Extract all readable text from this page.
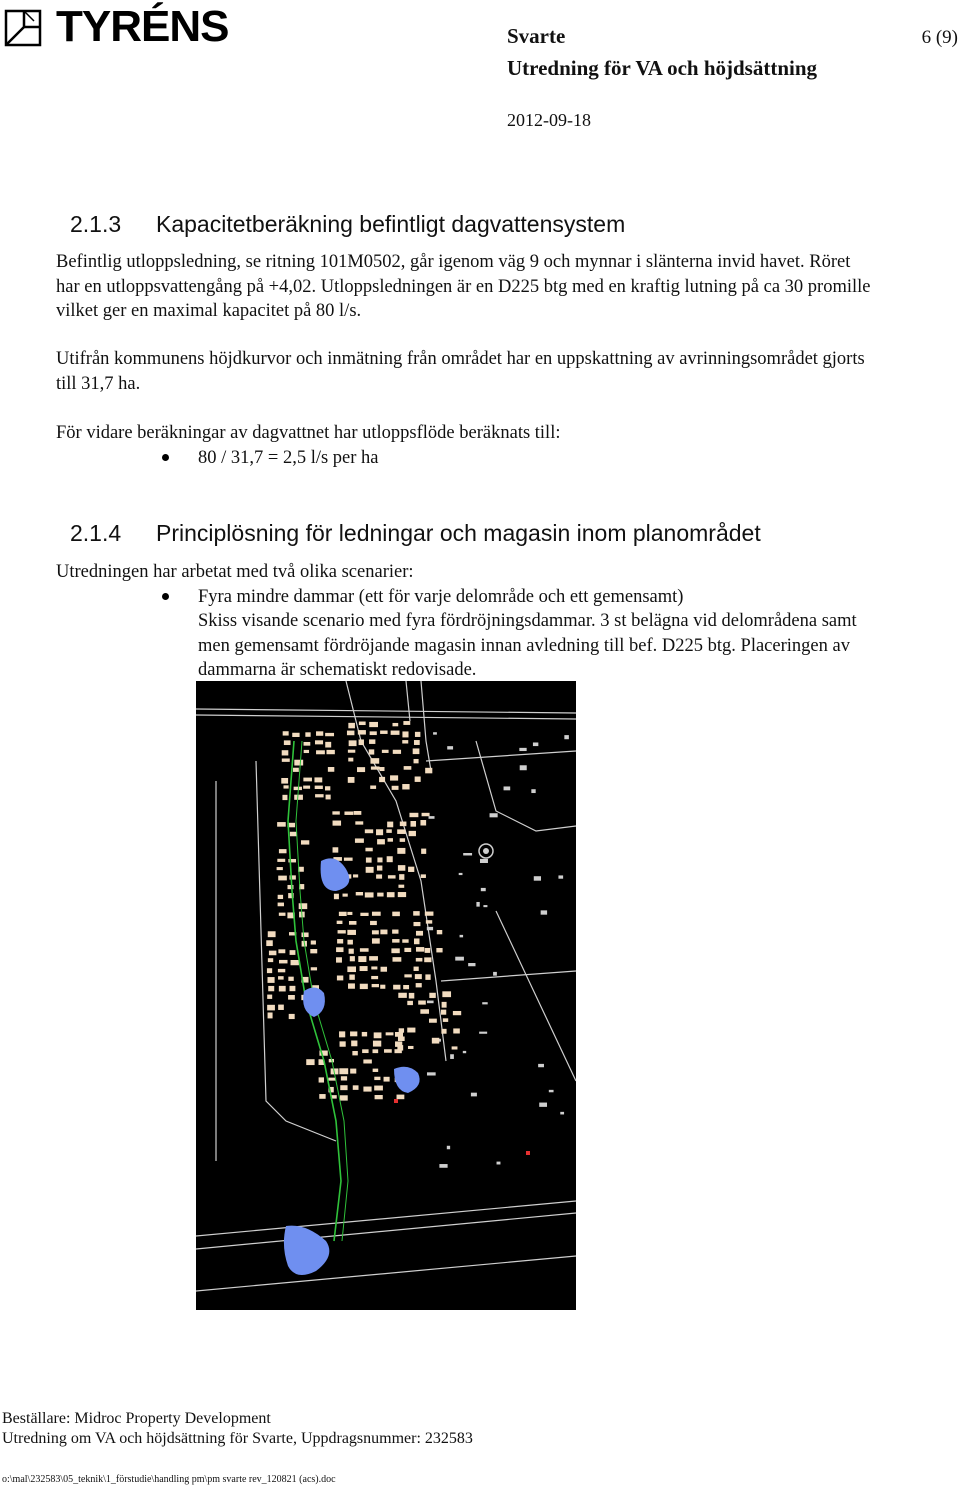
TYRÉNS	Svarte	6 (9)
Utredning för VA och höjdsättning
2012-09-18
2.1.3 Kapacitetberäkning befintligt dagvattensystem
Befintlig utloppsledning, se ritning 101M0502, går igenom väg 9 och mynnar i slänterna invid havet. Röret har en utloppsvattengång på +4,02. Utloppsledningen är en D225 btg med en kraftig lutning på ca 30 promille vilket ger en maximal kapacitet på 80 l/s.
Utifrån kommunens höjdkurvor och inmätning från området har en uppskattning av avrinningsområdet gjorts till 31,7 ha.
För vidare beräkningar av dagvattnet har utloppsflöde beräknats till:
80 / 31,7 = 2,5 l/s per ha
2.1.4 Principlösning för ledningar och magasin inom planområdet
Utredningen har arbetat med två olika scenarier:
Fyra mindre dammar (ett för varje delområde och ett gemensamt)
Skiss visande scenario med fyra fördröjningsdammar. 3 st belägna vid delområdena samt men gemensamt fördröjande magasin innan avledning till bef. D225 btg. Placeringen av dammarna är schematiskt redovisade.
Beställare: Midroc Property Development
Utredning om VA och höjdsättning för Svarte, Uppdragsnummer: 232583
o:\mal\232583\05_teknik\1_förstudie\handling pm\pm svarte rev_120821 (acs).doc
